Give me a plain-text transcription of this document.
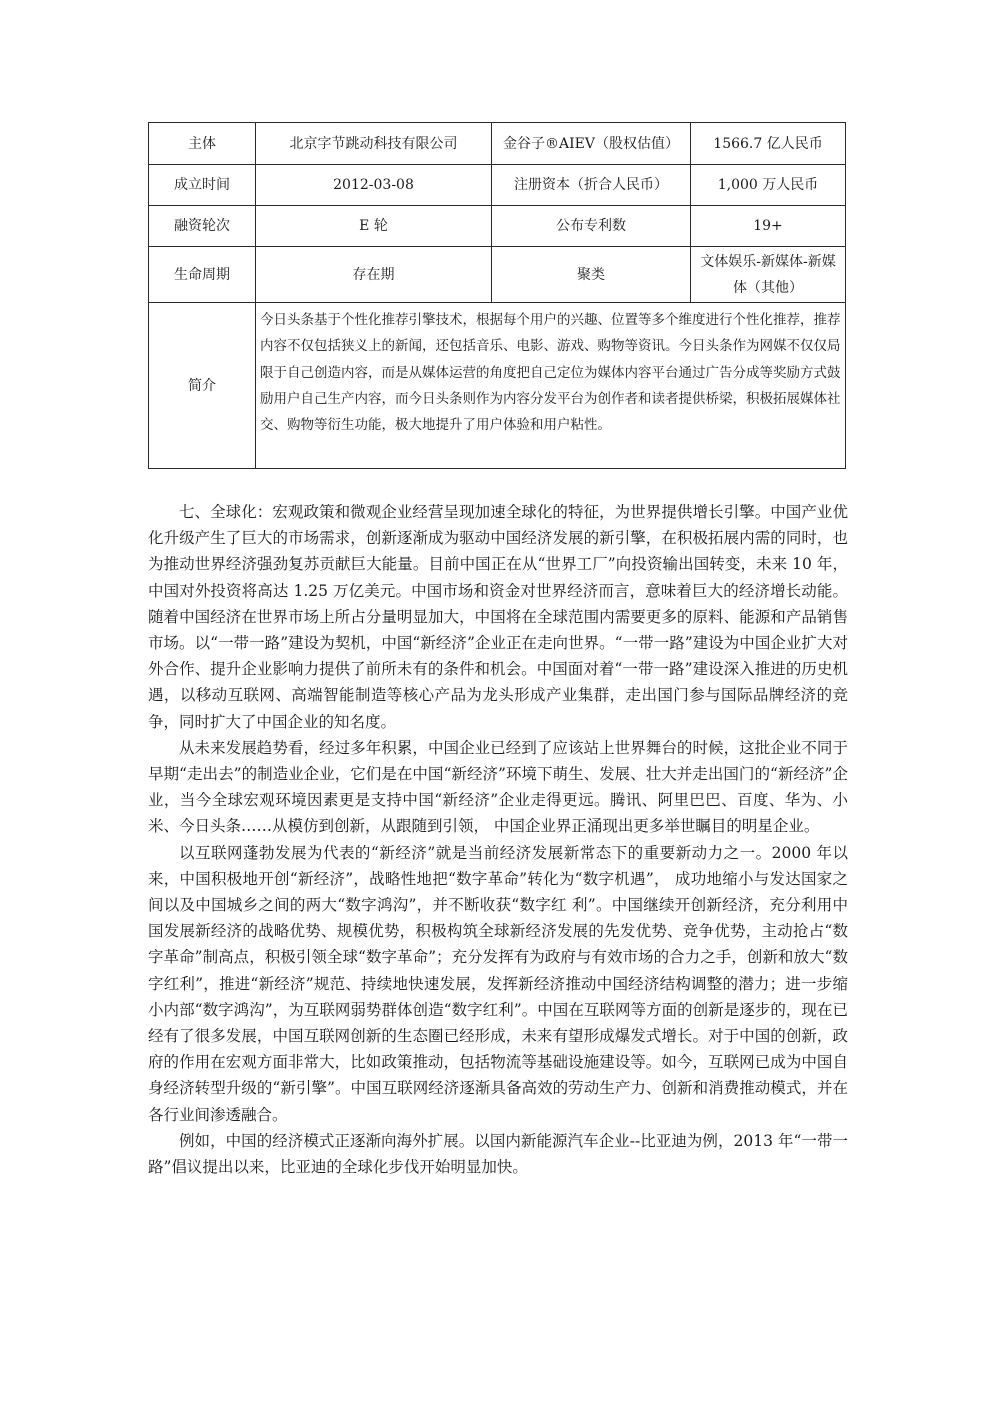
主体	北京字节跳动科技有限公司	金谷子®AIEV（股权估值）	1566.7 亿人民币
成立时间	2012-03-08	注册资本（折合人民币）	1,000 万人民币
融资轮次	E 轮	公布专利数	19+
生命周期	存在期	聚类	文体娱乐-新媒体-新媒体（其他）
简介	今日头条基于个性化推荐引擎技术，根据每个用户的兴趣、位置等多个维度进行个性化推荐，推荐内容不仅包括狭义上的新闻，还包括音乐、电影、游戏、购物等资讯。今日头条作为网媒不仅仅局限于自己创造内容，而是从媒体运营的角度把自己定位为媒体内容平台通过广告分成等奖励方式鼓励用户自己生产内容，而今日头条则作为内容分发平台为创作者和读者提供桥梁，积极拓展媒体社交、购物等衍生功能，极大地提升了用户体验和用户粘性。		

七、全球化：宏观政策和微观企业经营呈现加速全球化的特征，为世界提供增长引擎。中国产业优化升级产生了巨大的市场需求，创新逐渐成为驱动中国经济发展的新引擎，在积极拓展内需的同时，也为推动世界经济强劲复苏贡献巨大能量。目前中国正在从“世界工厂”向投资输出国转变，未来 10 年，中国对外投资将高达 1.25 万亿美元。中国市场和资金对世界经济而言，意味着巨大的经济增长动能。随着中国经济在世界市场上所占分量明显加大，中国将在全球范围内需要更多的原料、能源和产品销售市场。以“一带一路”建设为契机，中国“新经济”企业正在走向世界。“一带一路”建设为中国企业扩大对外合作、提升企业影响力提供了前所未有的条件和机会。中国面对着“一带一路”建设深入推进的历史机遇，以移动互联网、高端智能制造等核心产品为龙头形成产业集群，走出国门参与国际品牌经济的竞争，同时扩大了中国企业的知名度。

从未来发展趋势看，经过多年积累，中国企业已经到了应该站上世界舞台的时候，这批企业不同于早期“走出去”的制造业企业，它们是在中国“新经济”环境下萌生、发展、壮大并走出国门的“新经济”企业，当今全球宏观环境因素更是支持中国“新经济”企业走得更远。腾讯、阿里巴巴、百度、华为、小米、今日头条……从模仿到创新，从跟随到引领， 中国企业界正涌现出更多举世瞩目的明星企业。

以互联网蓬勃发展为代表的“新经济”就是当前经济发展新常态下的重要新动力之一。2000 年以来，中国积极地开创“新经济”，战略性地把“数字革命”转化为“数字机遇”， 成功地缩小与发达国家之间以及中国城乡之间的两大“数字鸿沟”，并不断收获“数字红 利”。中国继续开创新经济，充分利用中国发展新经济的战略优势、规模优势，积极构筑全球新经济发展的先发优势、竞争优势，主动抢占“数字革命”制高点，积极引领全球“数字革命”；充分发挥有为政府与有效市场的合力之手，创新和放大“数字红利”，推进“新经济”规范、持续地快速发展，发挥新经济推动中国经济结构调整的潜力；进一步缩小内部“数字鸿沟”，为互联网弱势群体创造“数字红利”。中国在互联网等方面的创新是逐步的，现在已经有了很多发展，中国互联网创新的生态圈已经形成，未来有望形成爆发式增长。对于中国的创新，政府的作用在宏观方面非常大，比如政策推动，包括物流等基础设施建设等。如今，互联网已成为中国自身经济转型升级的“新引擎”。中国互联网经济逐渐具备高效的劳动生产力、创新和消费推动模式，并在各行业间渗透融合。

例如，中国的经济模式正逐渐向海外扩展。以国内新能源汽车企业--比亚迪为例，2013 年“一带一路”倡议提出以来，比亚迪的全球化步伐开始明显加快。
